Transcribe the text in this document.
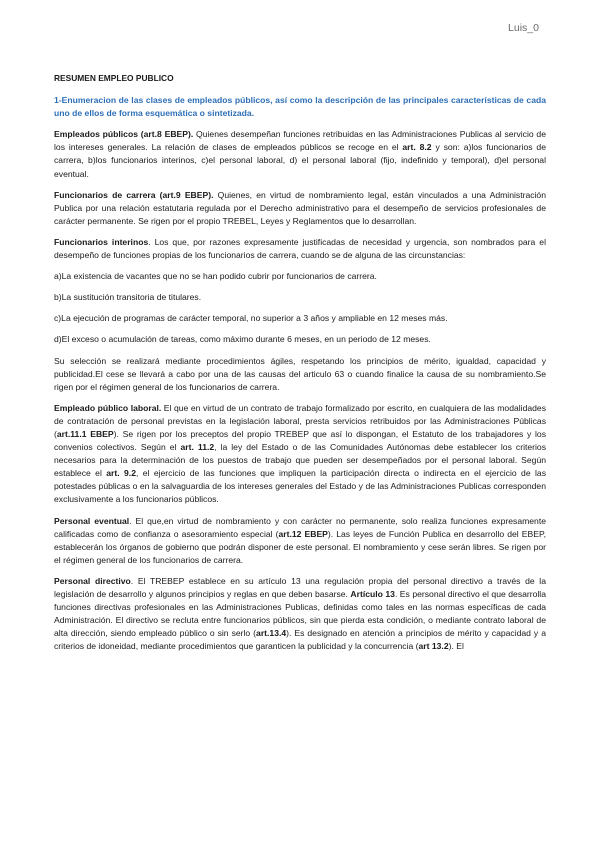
Luis_0

RESUMEN EMPLEO PUBLICO

1-Enumeracion de las clases de empleados públicos, así como la descripción de las principales características de cada uno de ellos de forma esquemática o sintetizada.

Empleados públicos (art.8 EBEP). Quienes desempeñan funciones retribuidas en las Administraciones Publicas al servicio de los intereses generales. La relación de clases de empleados públicos se recoge en el art. 8.2 y son: a)los funcionarios de carrera, b)los funcionarios interinos, c)el personal laboral, d) el personal laboral (fijo, indefinido y temporal), d)el personal eventual.

Funcionarios de carrera (art.9 EBEP). Quienes, en virtud de nombramiento legal, están vinculados a una Administración Publica por una relación estatutaria regulada por el Derecho administrativo para el desempeño de servicios profesionales de carácter permanente. Se rigen por el propio TREBEL, Leyes y Reglamentos que lo desarrollan.

Funcionarios interinos. Los que, por razones expresamente justificadas de necesidad y urgencia, son nombrados para el desempeño de funciones propias de los funcionarios de carrera, cuando se de alguna de las circunstancias:

a)La existencia de vacantes que no se han podido cubrir por funcionarios de carrera.

b)La sustitución transitoria de titulares.

c)La ejecución de programas de carácter temporal, no superior a 3 años y ampliable en 12 meses más.

d)El exceso o acumulación de tareas, como máximo durante 6 meses, en un periodo de 12 meses.

Su selección se realizará mediante procedimientos ágiles, respetando los principios de mérito, igualdad, capacidad y publicidad.El cese se llevará a cabo por una de las causas del articulo 63 o cuando finalice la causa de su nombramiento.Se rigen por el régimen general de los funcionarios de carrera.

Empleado público laboral. El que en virtud de un contrato de trabajo formalizado por escrito, en cualquiera de las modalidades de contratación de personal previstas en la legislación laboral, presta servicios retribuidos por las Administraciones Públicas (art.11.1 EBEP). Se rigen por los preceptos del propio TREBEP que así lo dispongan, el Estatuto de los trabajadores y los convenios colectivos. Según el art. 11.2, la ley del Estado o de las Comunidades Autónomas debe establecer los criterios necesarios para la determinación de los puestos de trabajo que pueden ser desempeñados por el personal laboral. Según establece el art. 9.2, el ejercicio de las funciones que impliquen la participación directa o indirecta en el ejercicio de las potestades públicas o en la salvaguardia de los intereses generales del Estado y de las Administraciones Publicas corresponden exclusivamente a los funcionarios públicos.

Personal eventual. El que,en virtud de nombramiento y con carácter no permanente, solo realiza funciones expresamente calificadas como de confianza o asesoramiento especial (art.12 EBEP). Las leyes de Función Publica en desarrollo del EBEP, establecerán los órganos de gobierno que podrán disponer de este personal. El nombramiento y cese serán libres. Se rigen por el régimen general de los funcionarios de carrera.

Personal directivo. El TREBEP establece en su artículo 13 una regulación propia del personal directivo a través de la legislación de desarrollo y algunos principios y reglas en que deben basarse. Artículo 13. Es personal directivo el que desarrolla funciones directivas profesionales en las Administraciones Publicas, definidas como tales en las normas específicas de cada Administración. El directivo se recluta entre funcionarios públicos, sin que pierda esta condición, o mediante contrato laboral de alta dirección, siendo empleado público o sin serlo (art.13.4). Es designado en atención a principios de mérito y capacidad y a criterios de idoneidad, mediante procedimientos que garanticen la publicidad y la concurrencia (art 13.2). El
